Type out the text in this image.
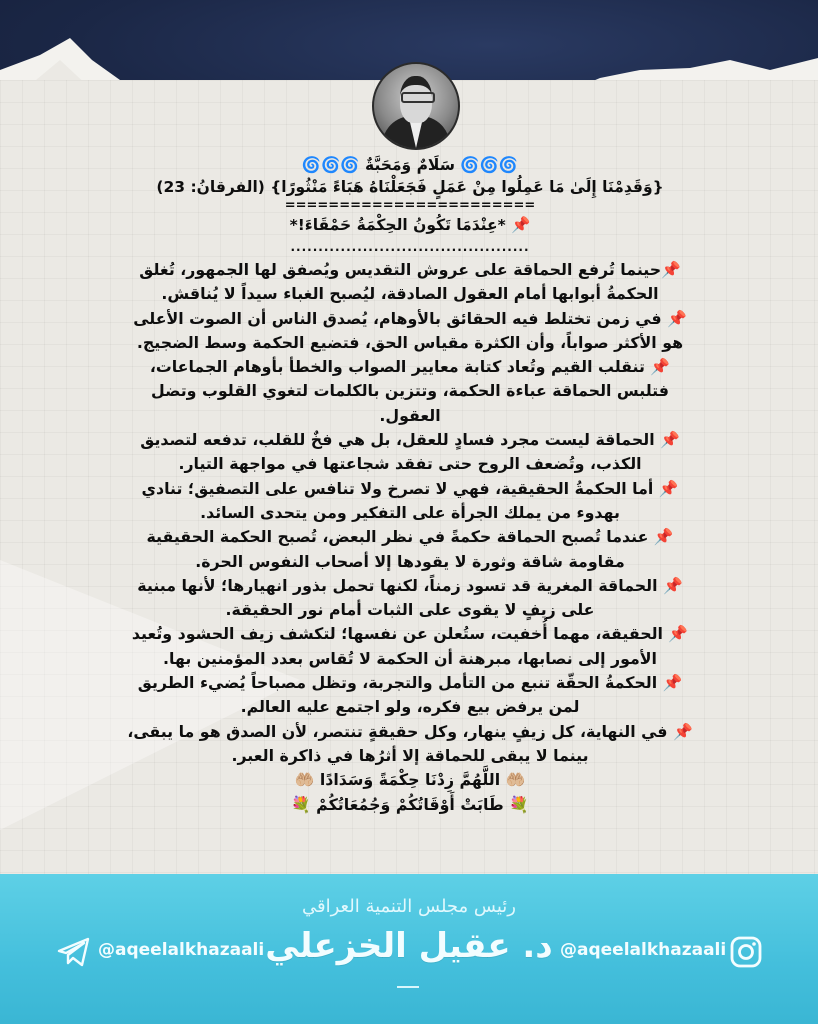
🌀🌀🌀 سَلَامٌ وَمَحَبَّةٌ 🌀🌀🌀
{وَقَدِمْنَا إِلَىٰ مَا عَمِلُوا مِنْ عَمَلٍ فَجَعَلْنَاهُ هَبَاءً مَنْثُورًا} (الفرقانُ: 23)
=======================
📌 *عِنْدَمَا تَكُونُ الحِكْمَةُ حَمْقَاءَ!*
...........................................
📌حينما تُرفع الحماقة على عروش التقديس ويُصفق لها الجمهور، تُغلق
الحكمةُ أبوابها أمام العقول الصادقة، ليُصبح الغباء سيداً لا يُناقش.
📌 في زمن تختلط فيه الحقائق بالأوهام، يُصدق الناس أن الصوت الأعلى
هو الأكثر صواباً، وأن الكثرة مقياس الحق، فتضيع الحكمة وسط الضجيج.
📌 تنقلب القيم وتُعاد كتابة معايير الصواب والخطأ بأوهام الجماعات،
فتلبس الحماقة عباءة الحكمة، وتتزين بالكلمات لتغوي القلوب وتضل
العقول.
📌 الحماقة ليست مجرد فسادٍ للعقل، بل هي فخٌ للقلب، تدفعه لتصديق
الكذب، وتُضعف الروح حتى تفقد شجاعتها في مواجهة التيار.
📌 أما الحكمةُ الحقيقية، فهي لا تصرخ ولا تنافس على التصفيق؛ تنادي
بهدوء من يملك الجرأة على التفكير ومن يتحدى السائد.
📌 عندما تُصبح الحماقة حكمةً في نظر البعض، تُصبح الحكمة الحقيقية
مقاومة شاقة وثورة لا يقودها إلا أصحاب النفوس الحرة.
📌 الحماقة المغرية قد تسود زمناً، لكنها تحمل بذور انهيارها؛ لأنها مبنية
على زيفٍ لا يقوى على الثبات أمام نور الحقيقة.
📌 الحقيقة، مهما أُخفيت، ستُعلن عن نفسها؛ لتكشف زيف الحشود وتُعيد
الأمور إلى نصابها، مبرهنة أن الحكمة لا تُقاس بعدد المؤمنين بها.
📌 الحكمةُ الحقّة تنبع من التأمل والتجربة، وتظل مصباحاً يُضيء الطريق
لمن يرفض بيع فكره، ولو اجتمع عليه العالم.
📌 في النهاية، كل زيفٍ ينهار، وكل حقيقةٍ تنتصر، لأن الصدق هو ما يبقى،
بينما لا يبقى للحماقة إلا أثرُها في ذاكرة العبر.
🤲🏼 اللَّهُمَّ زِدْنَا حِكْمَةً وَسَدَادًا 🤲🏼
💐 طَابَتْ أَوْقَاتُكُمْ وَجُمُعَاتُكُمْ 💐
رئيس مجلس التنمية العراقي
د. عقيل الخزعلي
@aqeelalkhazaali	@aqeelalkhazaali
